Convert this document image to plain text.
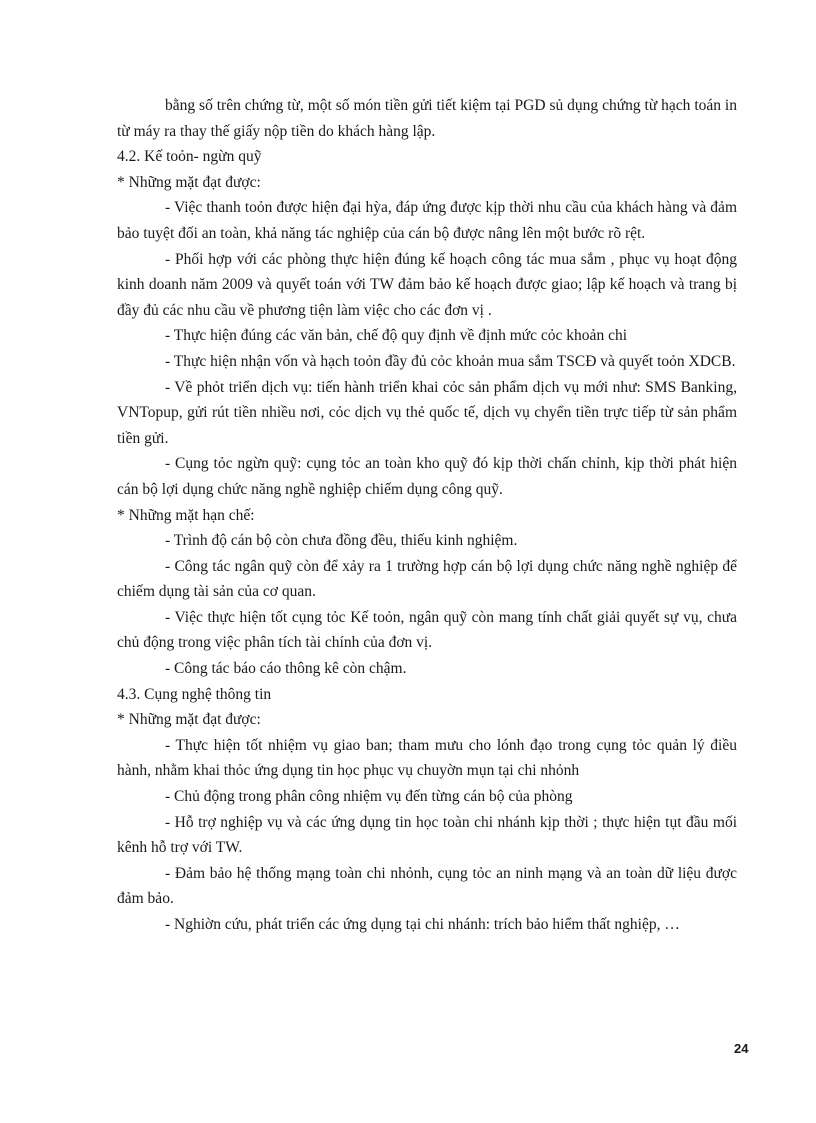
bằng số trên chứng từ, một số món tiền gửi tiết kiệm tại PGD sủ dụng chứng từ hạch toán in từ máy ra thay thế giấy nộp tiền do khách hàng lập.

4.2. Kế toỏn- ngừn quỹ

* Những mặt đạt được:

- Việc thanh toỏn được hiện đại hỳa, đáp ứng được kịp thời nhu cầu của khách hàng và đảm bảo tuyệt đối an toàn, khả năng tác nghiệp của cán bộ được nâng lên một bước rõ rệt.

- Phối hợp với các phòng thực hiện đúng kế hoạch công tác mua sắm , phục vụ hoạt động kinh doanh năm 2009 và quyết toán với TW đảm bảo kế hoạch được giao; lập kế hoạch và trang bị đầy đủ các nhu cầu về phương tiện làm việc cho các đơn vị .

- Thực hiện đúng các văn bản, chế độ quy định về định mức cỏc khoản chi

- Thực hiện nhận vốn và hạch toỏn đầy đủ cỏc khoản mua sắm TSCĐ và quyết toỏn XDCB.

- Về phỏt triển dịch vụ: tiến hành triển khai cỏc sản phẩm dịch vụ mới như: SMS Banking, VNTopup, gửi rút tiền nhiều nơi, cỏc dịch vụ thẻ quốc tế, dịch vụ chyển tiền trực tiếp từ sản phẩm tiền gửi.

- Cụng tỏc ngừn quỹ: cụng tỏc an toàn kho quỹ đó kịp thời chấn chỉnh, kịp thời phát hiện cán bộ lợi dụng chức năng nghề nghiệp chiếm dụng công quỹ.

* Những mặt hạn chế:

- Trình độ cán bộ còn chưa đồng đều, thiếu kinh nghiệm.

- Công tác ngân quỹ còn để xảy ra 1 trường hợp cán bộ lợi dụng chức năng nghề nghiệp để chiếm dụng tài sản của cơ quan.

- Việc thực hiện tốt cụng tỏc Kế toỏn, ngân quỹ còn mang tính chất giải quyết sự vụ, chưa chủ động trong việc phân tích tài chính của đơn vị.

- Công tác báo cáo thông kê còn chậm.

4.3. Cụng nghệ thông tin

* Những mặt đạt được:

- Thực hiện tốt nhiệm vụ giao ban; tham mưu cho lónh đạo trong cụng tỏc quản lý điều hành, nhằm khai thỏc ứng dụng tin học phục vụ chuyờn mụn tại chi nhỏnh

- Chủ động trong phân công nhiệm vụ đến từng cán bộ của phòng

- Hỗ trợ nghiệp vụ và các ứng dụng tin học toàn chi nhánh kịp thời ; thực hiện tụt đầu mối kênh hỗ trợ với TW.

- Đảm bảo hệ thống mạng toàn chi nhỏnh, cụng tỏc an ninh mạng và an toàn dữ liệu được đảm bảo.

- Nghiờn cứu, phát triển các ứng dụng tại chi nhánh: trích bảo hiểm thất nghiệp, …

24
